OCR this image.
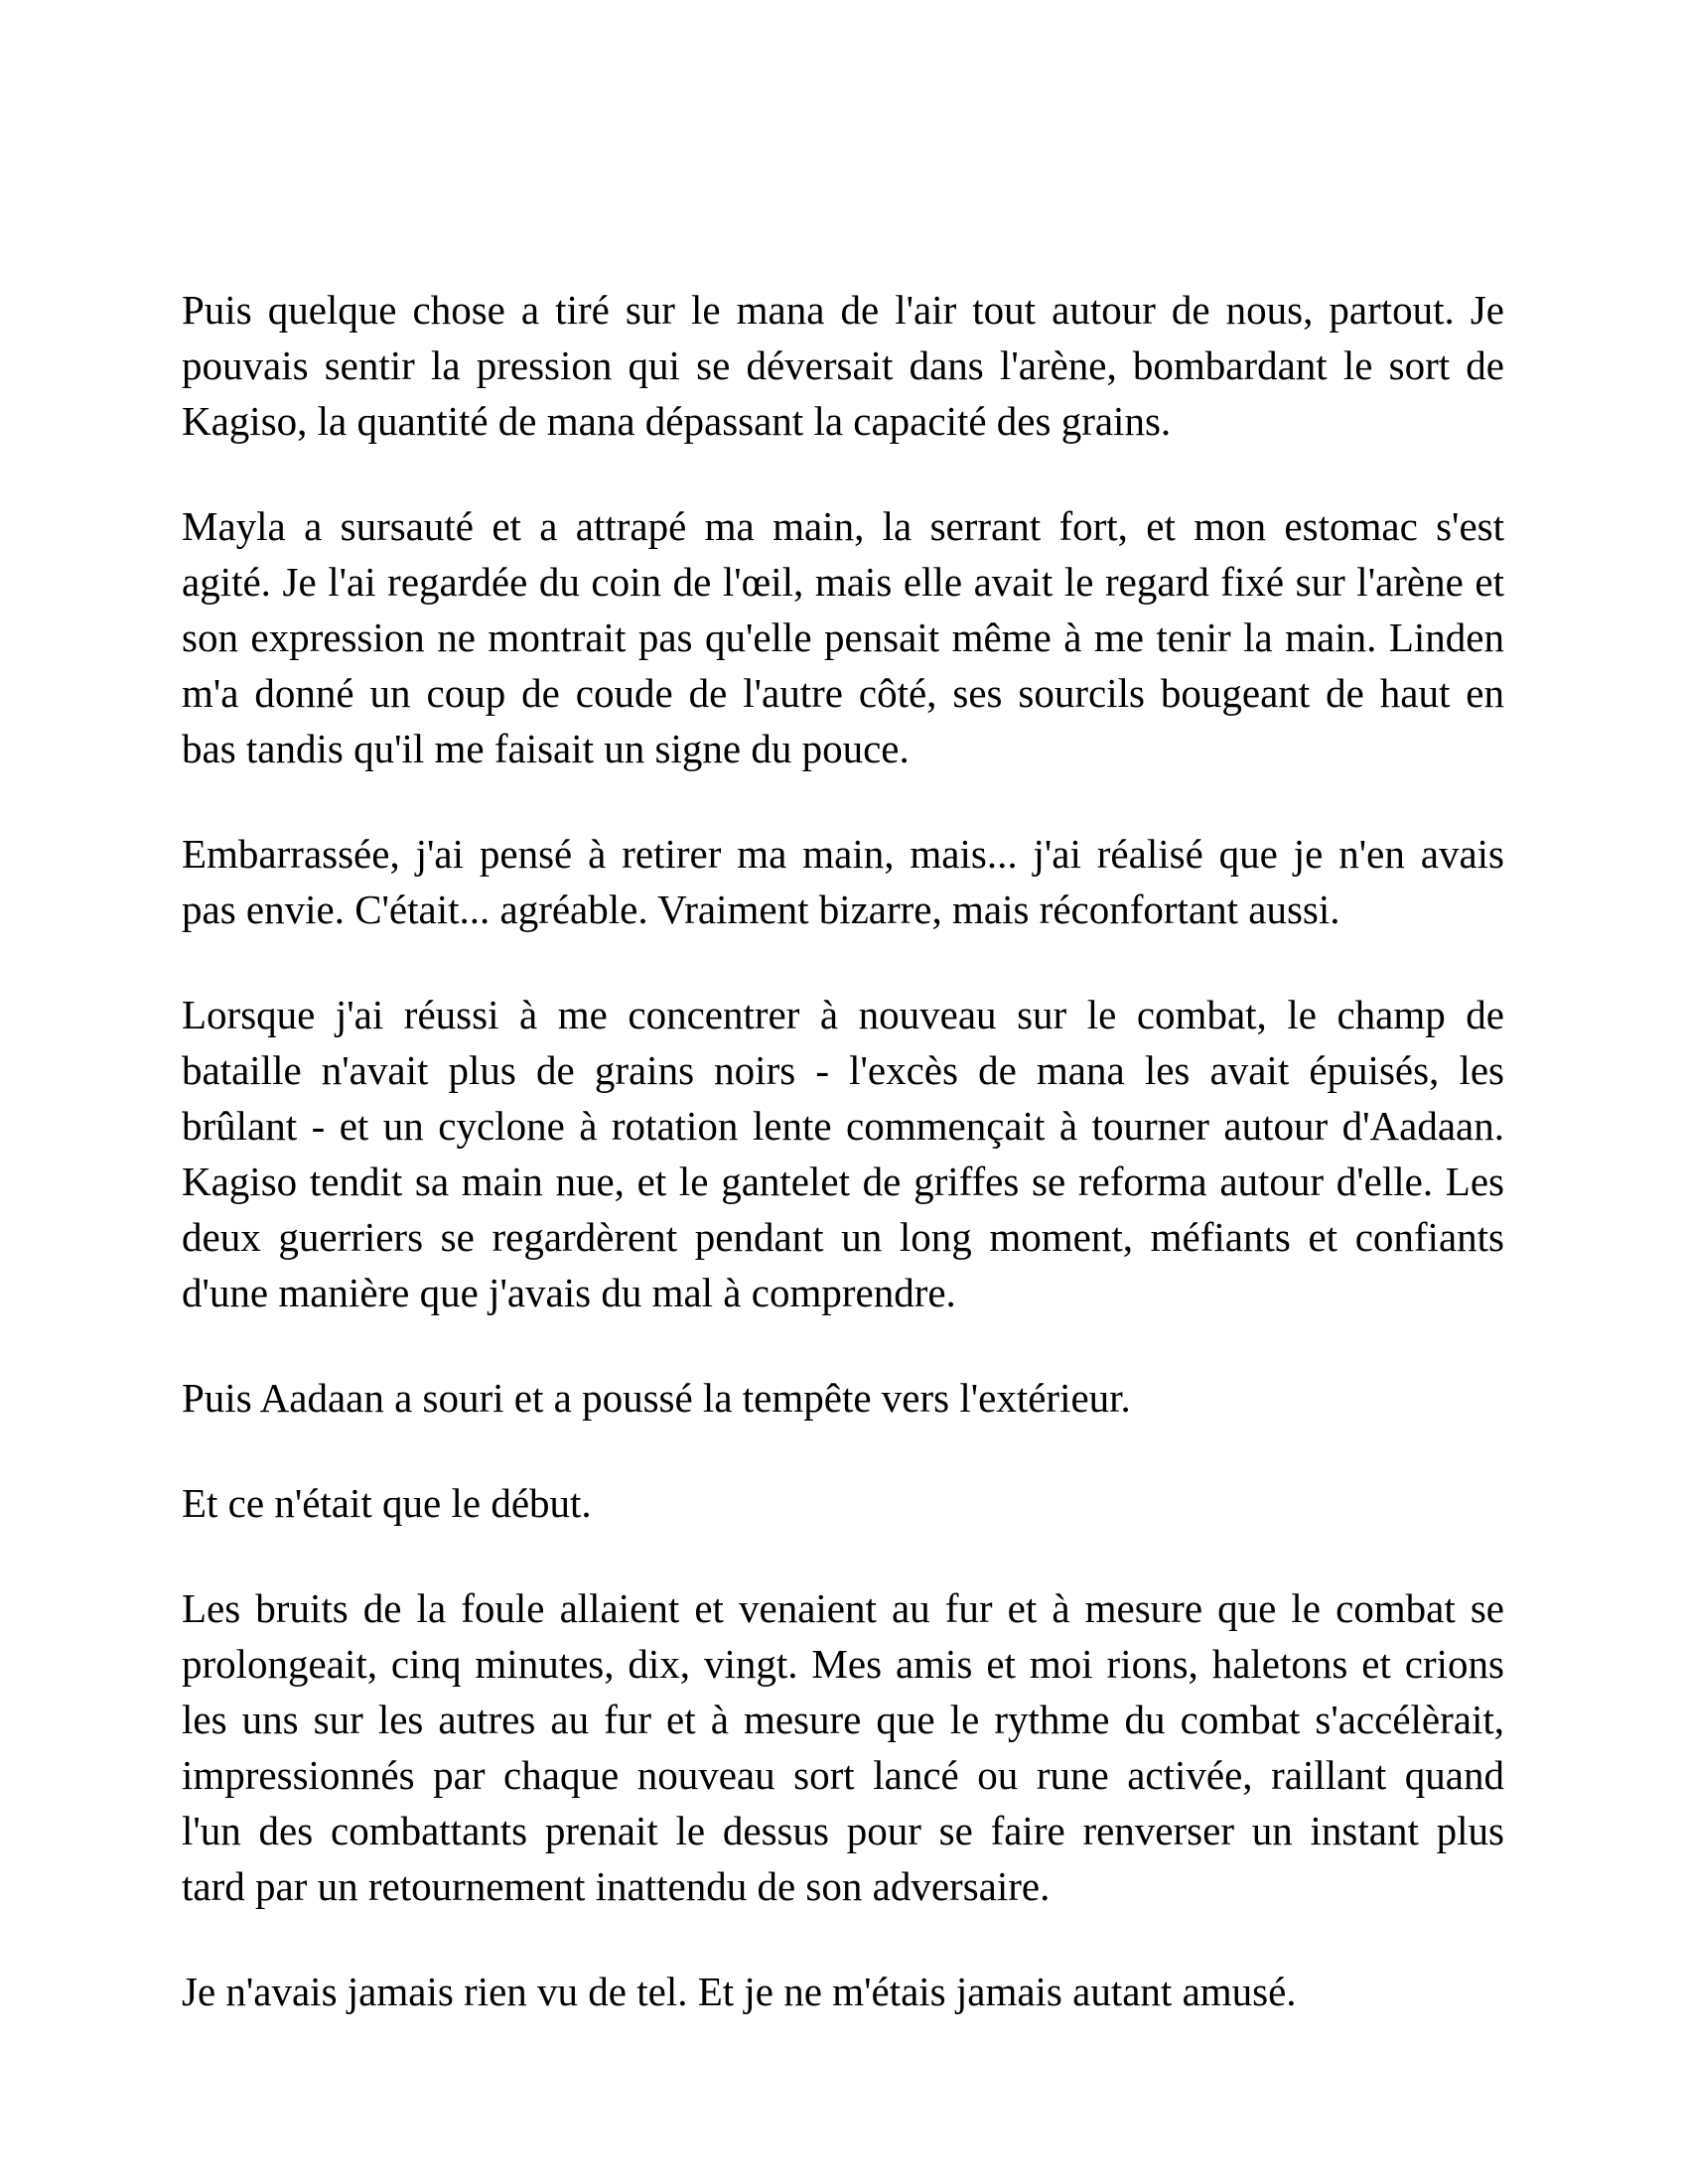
Puis quelque chose a tiré sur le mana de l'air tout autour de nous, partout. Je
pouvais sentir la pression qui se déversait dans l'arène, bombardant le sort de
Kagiso, la quantité de mana dépassant la capacité des grains.
Mayla a sursauté et a attrapé ma main, la serrant fort, et mon estomac s'est
agité. Je l'ai regardée du coin de l'œil, mais elle avait le regard fixé sur l'arène et
son expression ne montrait pas qu'elle pensait même à me tenir la main. Linden
m'a donné un coup de coude de l'autre côté, ses sourcils bougeant de haut en
bas tandis qu'il me faisait un signe du pouce.
Embarrassée, j'ai pensé à retirer ma main, mais... j'ai réalisé que je n'en avais
pas envie. C'était... agréable. Vraiment bizarre, mais réconfortant aussi.
Lorsque j'ai réussi à me concentrer à nouveau sur le combat, le champ de
bataille n'avait plus de grains noirs - l'excès de mana les avait épuisés, les
brûlant - et un cyclone à rotation lente commençait à tourner autour d'Aadaan.
Kagiso tendit sa main nue, et le gantelet de griffes se reforma autour d'elle. Les
deux guerriers se regardèrent pendant un long moment, méfiants et confiants
d'une manière que j'avais du mal à comprendre.
Puis Aadaan a souri et a poussé la tempête vers l'extérieur.
Et ce n'était que le début.
Les bruits de la foule allaient et venaient au fur et à mesure que le combat se
prolongeait, cinq minutes, dix, vingt. Mes amis et moi rions, haletons et crions
les uns sur les autres au fur et à mesure que le rythme du combat s'accélèrait,
impressionnés par chaque nouveau sort lancé ou rune activée, raillant quand
l'un des combattants prenait le dessus pour se faire renverser un instant plus
tard par un retournement inattendu de son adversaire.
Je n'avais jamais rien vu de tel. Et je ne m'étais jamais autant amusé.
